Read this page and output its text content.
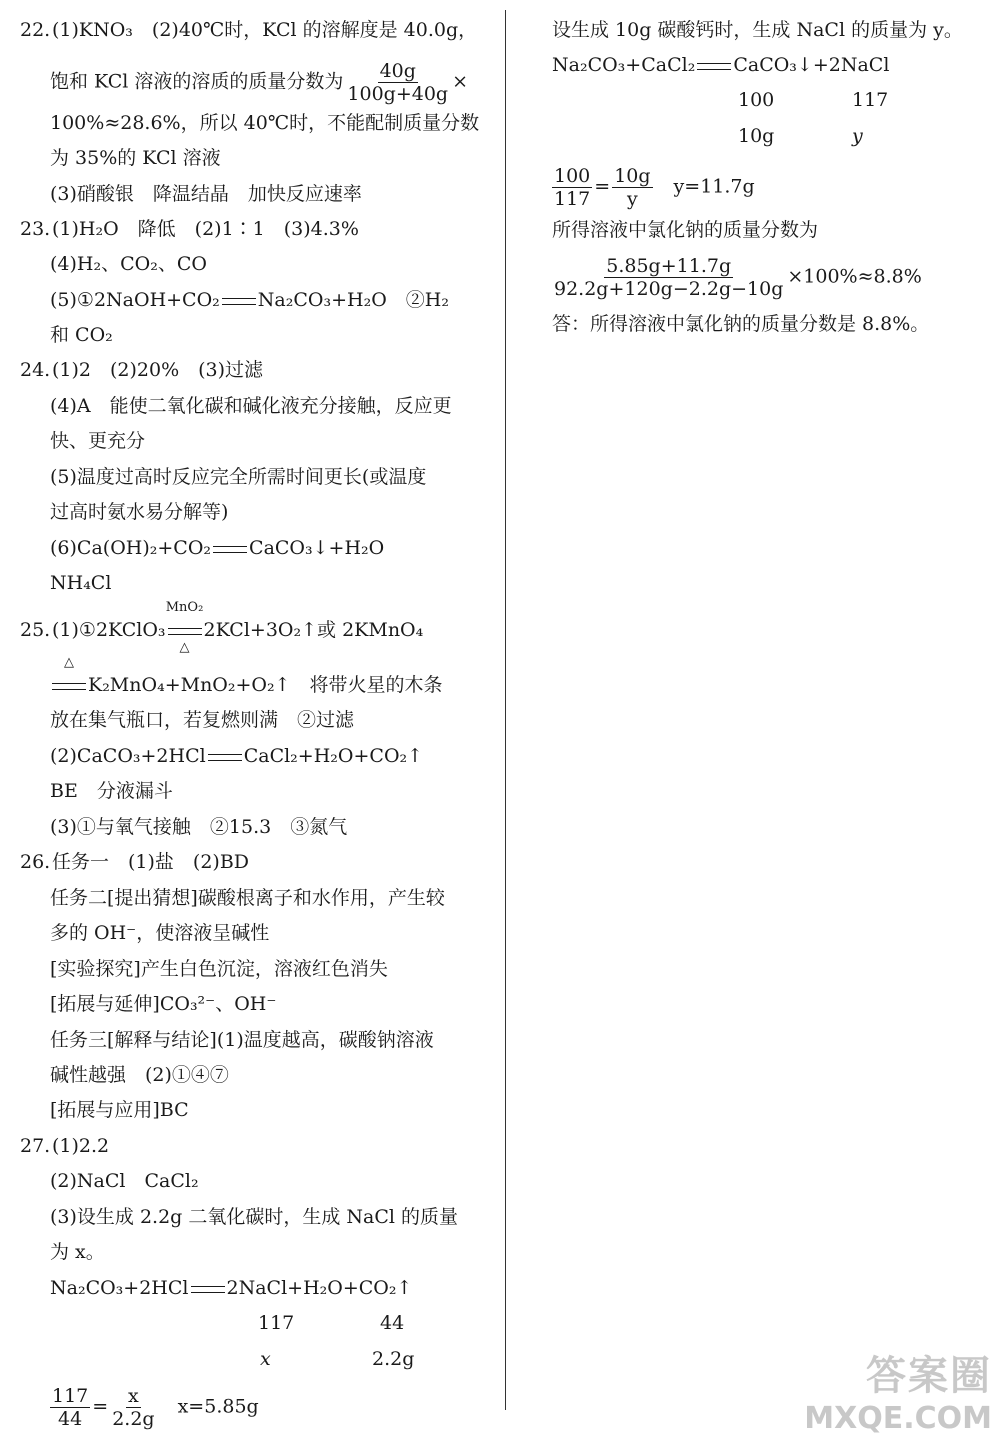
22.(1)KNO₃　(2)40℃时，KCl 的溶解度是 40.0g，
饱和 KCl 溶液的溶质的质量分数为 $\frac{40g}{100g+40g}$ ×
100%≈28.6%，所以 40℃时，不能配制质量分数
为 35%的 KCl 溶液
(3)硝酸银　降温结晶　加快反应速率
23.(1)H₂O　降低　(2)1∶1　(3)4.3%
(4)H₂、CO₂、CO
(5)①2NaOH+CO₂ Na₂CO₃+H₂O　②H₂
和 CO₂
24.(1)2　(2)20%　(3)过滤
(4)A　能使二氧化碳和碱化液充分接触，反应更
快、更充分
(5)温度过高时反应完全所需时间更长(或温度
过高时氨水易分解等)
(6)Ca(OH)₂+CO₂ CaCO₃↓+H₂O
NH₄Cl
25.(1)①2KClO₃
MnO₂
△
2KCl+3O₂↑或 2KMnO₄
△
K₂MnO₄+MnO₂+O₂↑　将带火星的木条
放在集气瓶口，若复燃则满　②过滤
(2)CaCO₃+2HCl CaCl₂+H₂O+CO₂↑
BE　分液漏斗
(3)①与氧气接触　②15.3　③氮气
26.任务一　(1)盐　(2)BD
任务二[提出猜想]碳酸根离子和水作用，产生较
多的 OH⁻，使溶液呈碱性
[实验探究]产生白色沉淀，溶液红色消失
[拓展与延伸]CO₃²⁻、OH⁻
任务三[解释与结论](1)温度越高，碳酸钠溶液
碱性越强　(2)①④⑦
[拓展与应用]BC
27.(1)2.2
(2)NaCl　CaCl₂
(3)设生成 2.2g 二氧化碳时，生成 NaCl 的质量
为 x。
Na₂CO₃+2HCl 2NaCl+H₂O+CO₂↑
117	44
x	2.2g
$\frac{117}{44} = \frac{x}{2.2g}$
　 x=5.85g
设生成 10g 碳酸钙时，生成 NaCl 的质量为 y。
Na₂CO₃+CaCl₂ CaCO₃↓+2NaCl
100	117
10g	y
$\frac{100}{117} = \frac{10g}{y}$
　 y=11.7g
所得溶液中氯化钠的质量分数为
$\frac{5.85g+11.7g}{92.2g+120g-2.2g-10g} \times 100\%\approx 8.8\%$
答：所得溶液中氯化钠的质量分数是 8.8%。
答案圈
MXQE.COM
